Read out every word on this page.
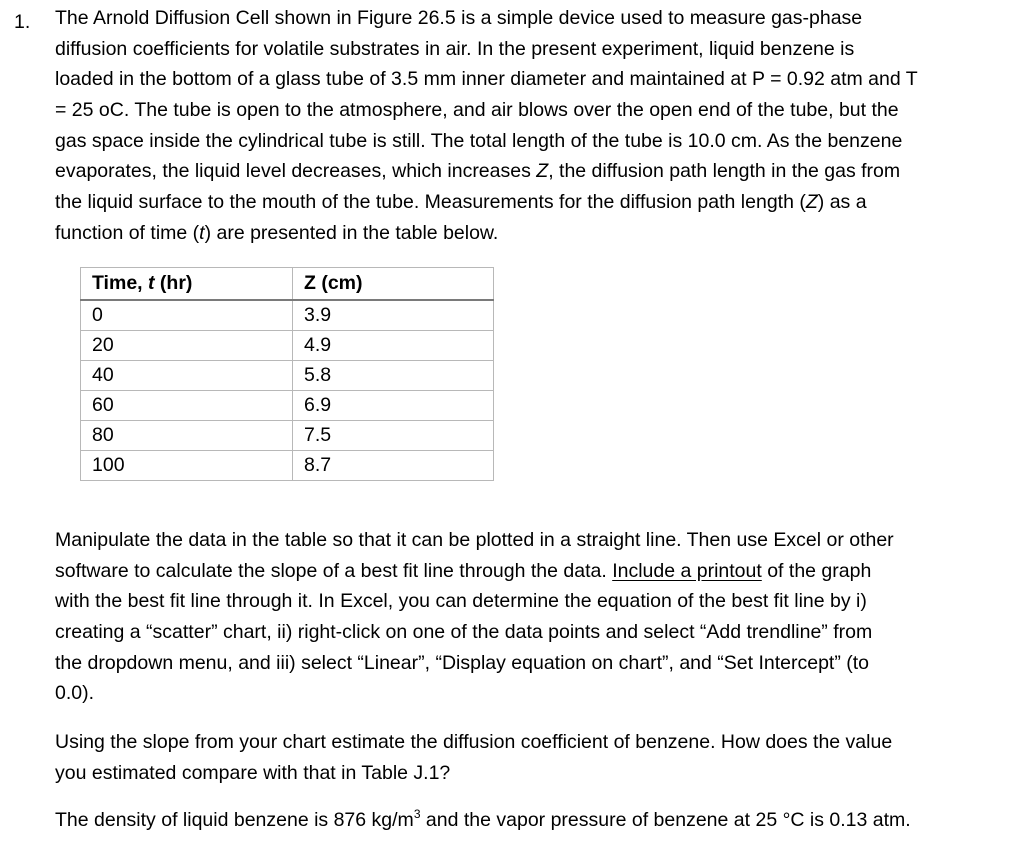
1. The Arnold Diffusion Cell shown in Figure 26.5 is a simple device used to measure gas-phase
diffusion coefficients for volatile substrates in air. In the present experiment, liquid benzene is
loaded in the bottom of a glass tube of 3.5 mm inner diameter and maintained at P = 0.92 atm and T
= 25 oC. The tube is open to the atmosphere, and air blows over the open end of the tube, but the
gas space inside the cylindrical tube is still. The total length of the tube is 10.0 cm. As the benzene
evaporates, the liquid level decreases, which increases Z, the diffusion path length in the gas from
the liquid surface to the mouth of the tube. Measurements for the diffusion path length (Z) as a
function of time (t) are presented in the table below.
Time, t (hr)	Z (cm)
0	3.9
20	4.9
40	5.8
60	6.9
80	7.5
100	8.7
Manipulate the data in the table so that it can be plotted in a straight line. Then use Excel or other
software to calculate the slope of a best fit line through the data. Include a printout of the graph
with the best fit line through it. In Excel, you can determine the equation of the best fit line by i)
creating a “scatter” chart, ii) right-click on one of the data points and select “Add trendline” from
the dropdown menu, and iii) select “Linear”, “Display equation on chart”, and “Set Intercept” (to
0.0).
Using the slope from your chart estimate the diffusion coefficient of benzene. How does the value
you estimated compare with that in Table J.1?
The density of liquid benzene is 876 $kg/m^3$ and the vapor pressure of benzene at 25 °C is 0.13 atm.
